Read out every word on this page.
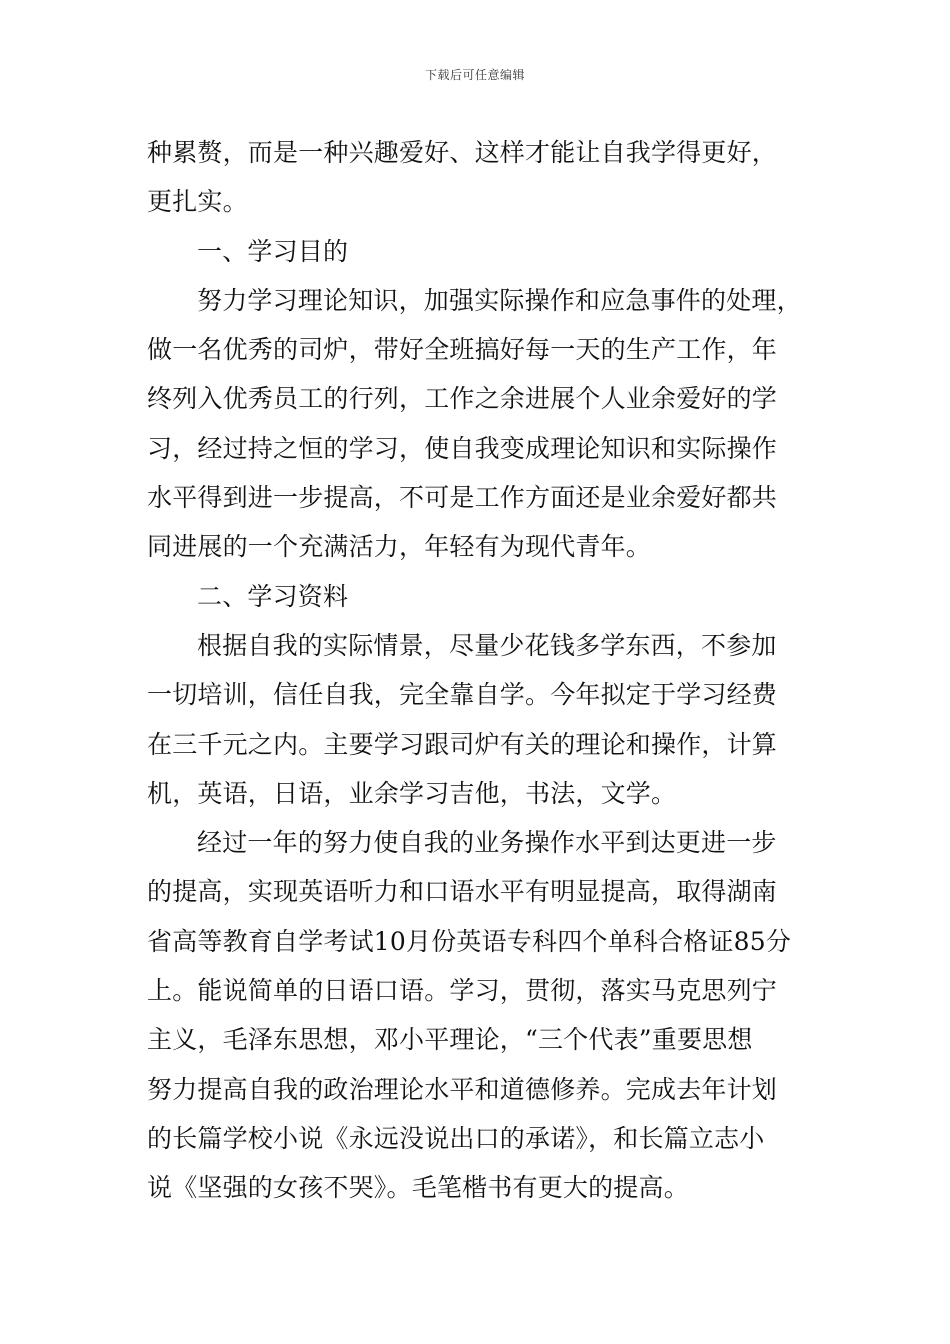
下载后可任意编辑
种累赘，而是一种兴趣爱好、这样才能让自我学得更好，
更扎实。
一、学习目的
努力学习理论知识，加强实际操作和应急事件的处理，
做一名优秀的司炉，带好全班搞好每一天的生产工作，年
终列入优秀员工的行列，工作之余进展个人业余爱好的学
习，经过持之恒的学习，使自我变成理论知识和实际操作
水平得到进一步提高，不可是工作方面还是业余爱好都共
同进展的一个充满活力，年轻有为现代青年。
二、学习资料
根据自我的实际情景，尽量少花钱多学东西，不参加
一切培训，信任自我，完全靠自学。今年拟定于学习经费
在三千元之内。主要学习跟司炉有关的理论和操作，计算
机，英语，日语，业余学习吉他，书法，文学。
经过一年的努力使自我的业务操作水平到达更进一步
的提高，实现英语听力和口语水平有明显提高，取得湖南
省高等教育自学考试10月份英语专科四个单科合格证85分
上。能说简单的日语口语。学习，贯彻，落实马克思列宁
主义，毛泽东思想，邓小平理论，“三个代表”重要思想
努力提高自我的政治理论水平和道德修养。完成去年计划
的长篇学校小说《永远没说出口的承诺》，和长篇立志小
说《坚强的女孩不哭》。毛笔楷书有更大的提高。
